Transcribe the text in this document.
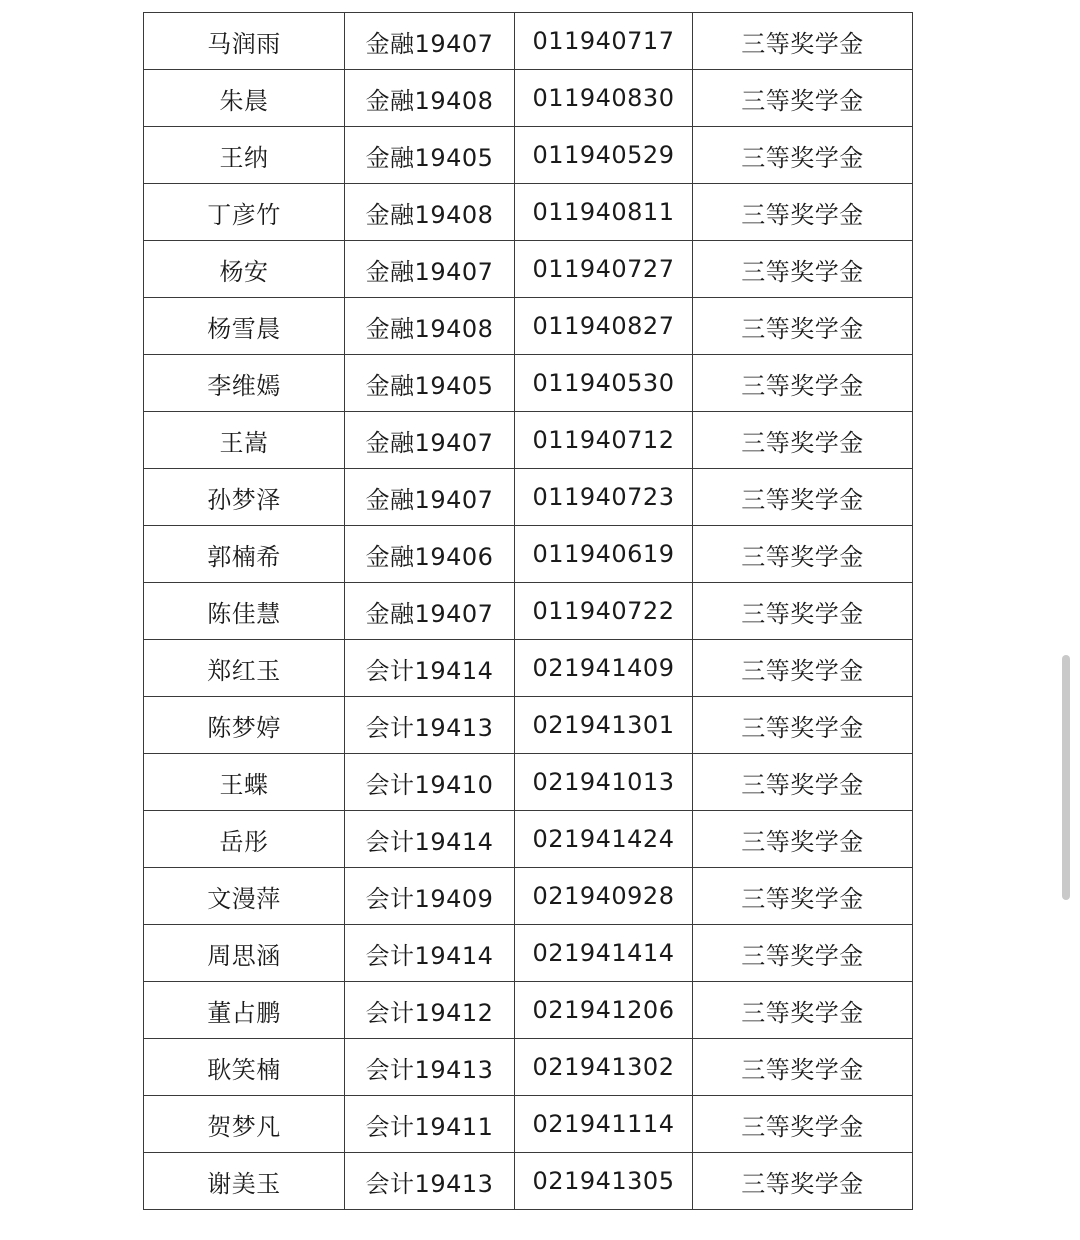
马润雨	金融19407	011940717	三等奖学金
朱晨	金融19408	011940830	三等奖学金
王纳	金融19405	011940529	三等奖学金
丁彦竹	金融19408	011940811	三等奖学金
杨安	金融19407	011940727	三等奖学金
杨雪晨	金融19408	011940827	三等奖学金
李维嫣	金融19405	011940530	三等奖学金
王嵩	金融19407	011940712	三等奖学金
孙梦泽	金融19407	011940723	三等奖学金
郭楠希	金融19406	011940619	三等奖学金
陈佳慧	金融19407	011940722	三等奖学金
郑红玉	会计19414	021941409	三等奖学金
陈梦婷	会计19413	021941301	三等奖学金
王蝶	会计19410	021941013	三等奖学金
岳彤	会计19414	021941424	三等奖学金
文漫萍	会计19409	021940928	三等奖学金
周思涵	会计19414	021941414	三等奖学金
董占鹏	会计19412	021941206	三等奖学金
耿笑楠	会计19413	021941302	三等奖学金
贺梦凡	会计19411	021941114	三等奖学金
谢美玉	会计19413	021941305	三等奖学金
